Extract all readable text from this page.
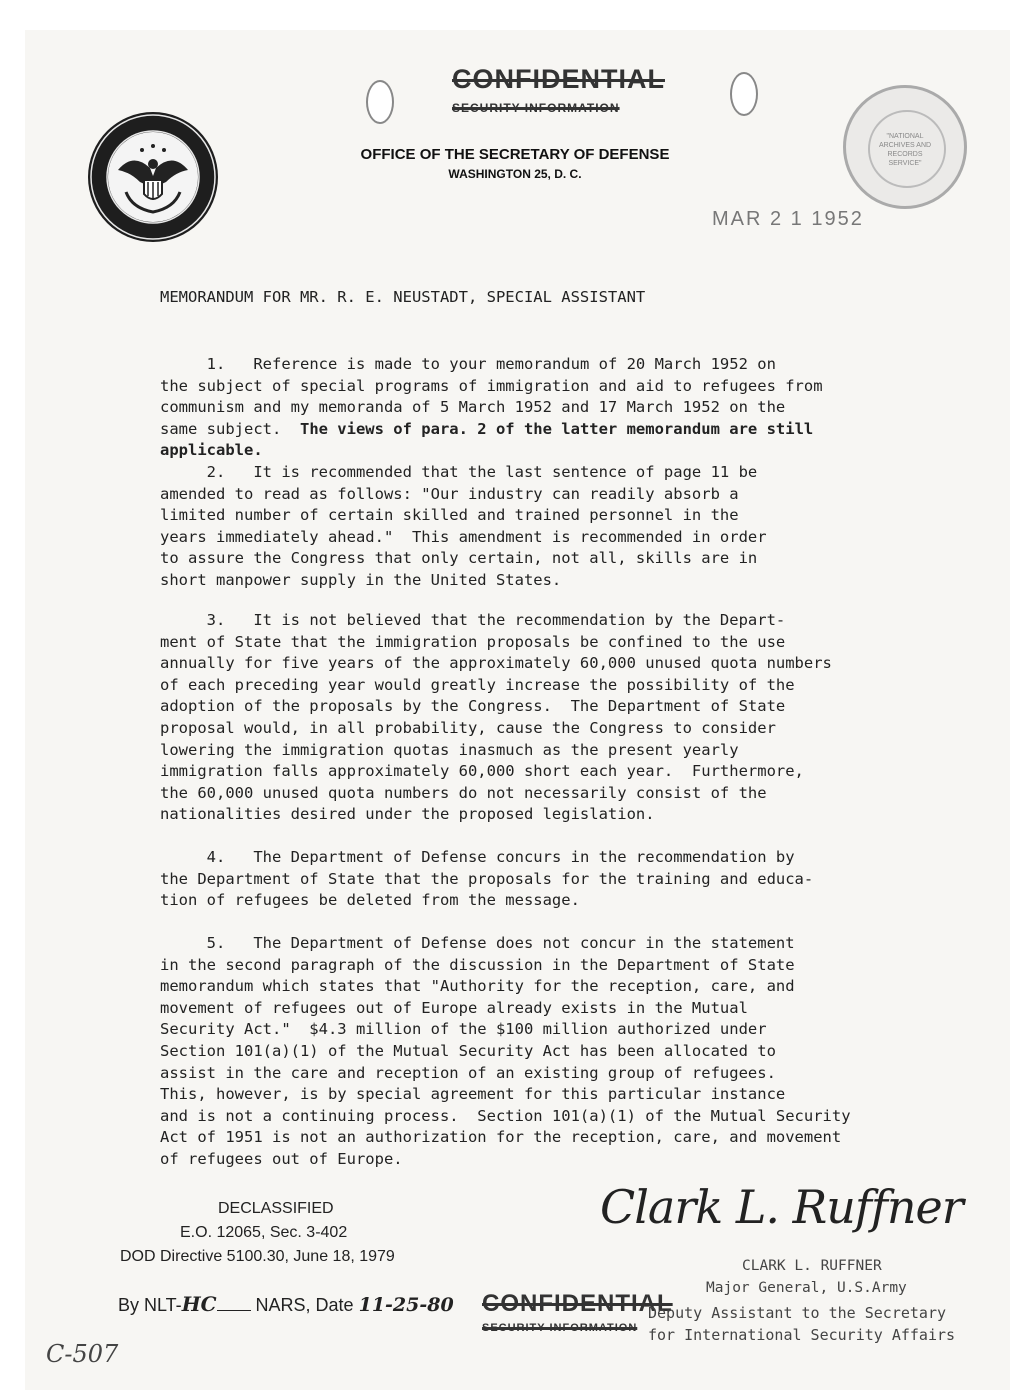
CONFIDENTIAL
SECURITY INFORMATION
OFFICE OF THE SECRETARY OF DEFENSE
WASHINGTON 25, D. C.
MAR 2 1 1952
"NATIONAL ARCHIVES AND RECORDS SERVICE"
MEMORANDUM FOR MR. R. E. NEUSTADT, SPECIAL ASSISTANT

1.   Reference is made to your memorandum of 20 March 1952 on
the subject of special programs of immigration and aid to refugees from
communism and my memoranda of 5 March 1952 and 17 March 1952 on the
same subject.  The views of para. 2 of the latter memorandum are still
applicable.

2.   It is recommended that the last sentence of page 11 be
amended to read as follows: "Our industry can readily absorb a
limited number of certain skilled and trained personnel in the
years immediately ahead."  This amendment is recommended in order
to assure the Congress that only certain, not all, skills are in
short manpower supply in the United States.

3.   It is not believed that the recommendation by the Depart-
ment of State that the immigration proposals be confined to the use
annually for five years of the approximately 60,000 unused quota numbers
of each preceding year would greatly increase the possibility of the
adoption of the proposals by the Congress.  The Department of State
proposal would, in all probability, cause the Congress to consider
lowering the immigration quotas inasmuch as the present yearly
immigration falls approximately 60,000 short each year.  Furthermore,
the 60,000 unused quota numbers do not necessarily consist of the
nationalities desired under the proposed legislation.

4.   The Department of Defense concurs in the recommendation by
the Department of State that the proposals for the training and educa-
tion of refugees be deleted from the message.

5.   The Department of Defense does not concur in the statement
in the second paragraph of the discussion in the Department of State
memorandum which states that "Authority for the reception, care, and
movement of refugees out of Europe already exists in the Mutual
Security Act."  $4.3 million of the $100 million authorized under
Section 101(a)(1) of the Mutual Security Act has been allocated to
assist in the care and reception of an existing group of refugees.
This, however, is by special agreement for this particular instance
and is not a continuing process.  Section 101(a)(1) of the Mutual Security
Act of 1951 is not an authorization for the reception, care, and movement
of refugees out of Europe.

DECLASSIFIED
E.O. 12065, Sec. 3-402
DOD Directive 5100.30, June 18, 1979
By NLT-HC NARS, Date 11-25-80 CONFIDENTIAL
SECURITY INFORMATION
Clark L. Ruffner
CLARK L. RUFFNER
Major General, U.S.Army
Deputy Assistant to the Secretary
for International Security Affairs
C-507
